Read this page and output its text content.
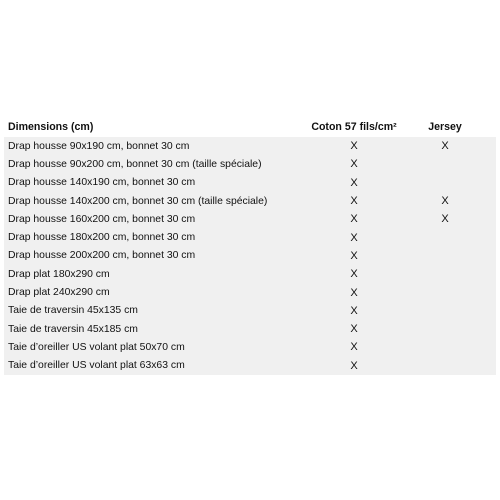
Dimensions (cm)	Coton 57 fils/cm²	Jersey
Drap housse 90x190 cm, bonnet 30 cm	X	X
Drap housse 90x200 cm, bonnet 30 cm (taille spéciale)	X
Drap housse 140x190 cm, bonnet 30 cm	X
Drap housse 140x200 cm, bonnet 30 cm (taille spéciale)	X	X
Drap housse 160x200 cm, bonnet 30 cm	X	X
Drap housse 180x200 cm, bonnet 30 cm	X
Drap housse 200x200 cm, bonnet 30 cm	X
Drap plat 180x290 cm	X
Drap plat 240x290 cm	X
Taie de traversin 45x135 cm	X
Taie de traversin 45x185 cm	X
Taie d’oreiller US volant plat 50x70 cm	X
Taie d’oreiller US volant plat 63x63 cm	X
